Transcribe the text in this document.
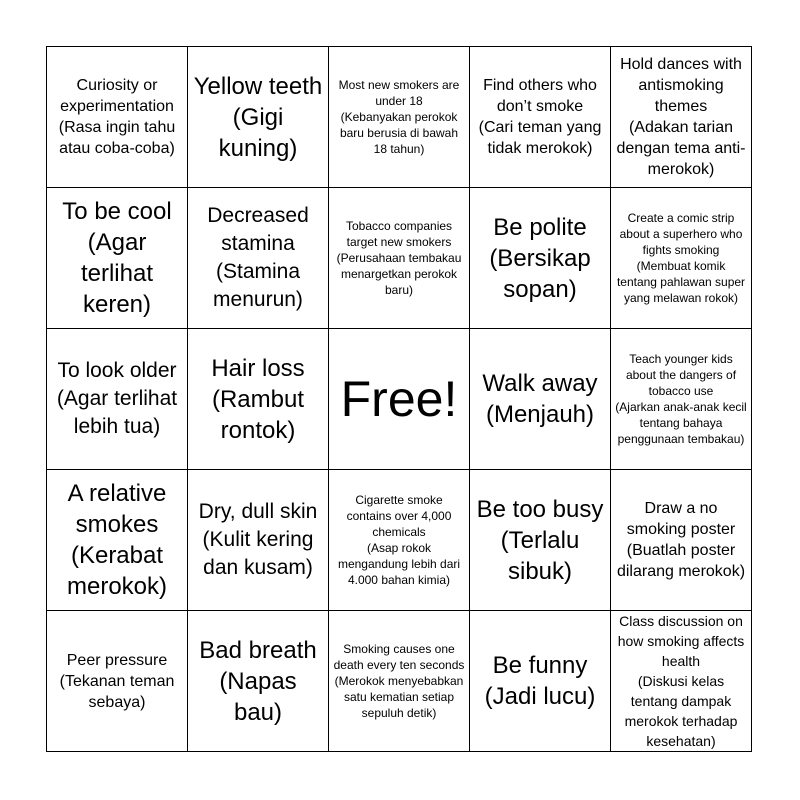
Curiosity or experimentation
(Rasa ingin tahu atau coba-coba)
Yellow teeth
(Gigi kuning)
Most new smokers are under 18
(Kebanyakan perokok baru berusia di bawah 18 tahun)
Find others who don’t smoke
(Cari teman yang tidak merokok)
Hold dances with antismoking themes
(Adakan tarian dengan tema anti-merokok)
To be cool
(Agar terlihat keren)
Decreased stamina
(Stamina menurun)
Tobacco companies target new smokers
(Perusahaan tembakau menargetkan perokok baru)
Be polite
(Bersikap sopan)
Create a comic strip about a superhero who fights smoking
(Membuat komik tentang pahlawan super yang melawan rokok)
To look older
(Agar terlihat lebih tua)
Hair loss
(Rambut rontok)
Free!	Walk away
(Menjauh)
Teach younger kids about the dangers of tobacco use
(Ajarkan anak-anak kecil tentang bahaya penggunaan tembakau)
A relative smokes
(Kerabat merokok)
Dry, dull skin
(Kulit kering dan kusam)
Cigarette smoke contains over 4,000 chemicals
(Asap rokok mengandung lebih dari 4.000 bahan kimia)
Be too busy
(Terlalu sibuk)
Draw a no smoking poster
(Buatlah poster dilarang merokok)
Peer pressure
(Tekanan teman sebaya)
Bad breath
(Napas bau)
Smoking causes one death every ten seconds
(Merokok menyebabkan satu kematian setiap sepuluh detik)
Be funny
(Jadi lucu)
Class discussion on how smoking affects health
(Diskusi kelas tentang dampak merokok terhadap kesehatan)
